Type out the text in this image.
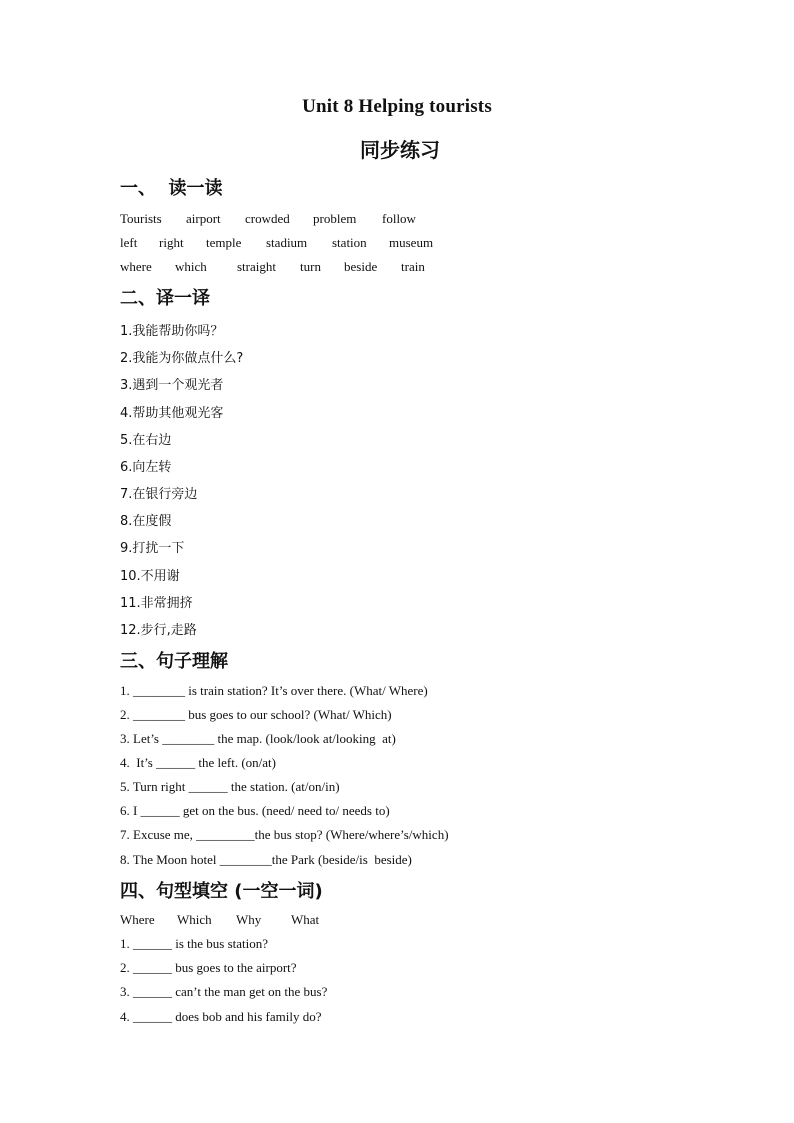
Unit 8 Helping tourists
同步练习
一、  读一读
Tourists airport crowded problem follow
left right temple stadium station museum
where which straight turn beside train
二、译一译
1.我能帮助你吗？
2.我能为你做点什么?
3.遇到一个观光者
4.帮助其他观光客
5.在右边
6.向左转
7.在银行旁边
8.在度假
9.打扰一下
10.不用谢
11.非常拥挤
12.步行,走路
三、句子理解
1. ________ is train station? It’s over there. (What/ Where)
2. ________ bus goes to our school? (What/ Which)
3. Let’s ________ the map. (look/look at/looking  at)
4.  It’s ______ the left. (on/at)
5. Turn right ______ the station. (at/on/in)
6. I ______ get on the bus. (need/ need to/ needs to)
7. Excuse me, _________the bus stop? (Where/where’s/which)
8. The Moon hotel ________the Park (beside/is  beside)
四、句型填空 (一空一词)
Where Which Why What
1. ______ is the bus station?
2. ______ bus goes to the airport?
3. ______ can’t the man get on the bus?
4. ______ does bob and his family do?
